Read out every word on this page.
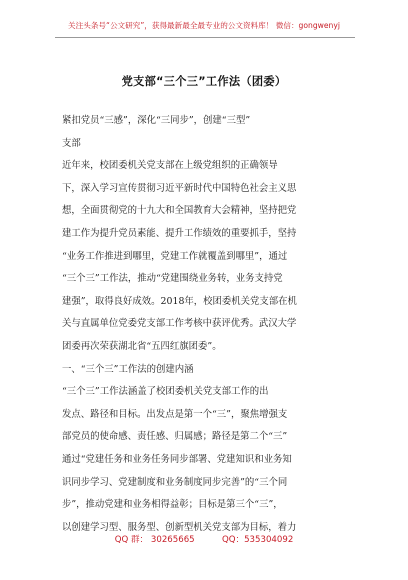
关注头条号“公文研究”，获得最新最全最专业的公文资料库！ 微信：gongwenyj
党支部“三个三”工作法（团委）

紧扣党员“三感”，深化“三同步”，创建“三型”

支部

近年来，校团委机关党支部在上级党组织的正确领导

下，深入学习宣传贯彻习近平新时代中国特色社会主义思

想，全面贯彻党的十九大和全国教育大会精神，坚持把党

建工作为提升党员素能、提升工作绩效的重要抓手，坚持

“业务工作推进到哪里，党建工作就覆盖到哪里”，通过

“三个三”工作法，推动“党建围绕业务转，业务支持党

建强”，取得良好成效。2018年，校团委机关党支部在机

关与直属单位党委党支部工作考核中获评优秀。武汉大学

团委再次荣获湖北省“五四红旗团委”。

一、“三个三”工作法的创建内涵

“三个三”工作法涵盖了校团委机关党支部工作的出

发点、路径和目标。出发点是第一个“三”，聚焦增强支

部党员的使命感、责任感、归属感；路径是第二个“三”

通过“党建任务和业务任务同步部署、党建知识和业务知

识同步学习、党建制度和业务制度同步完善”的“三个同

步”，推动党建和业务相得益彰；目标是第三个“三”，

以创建学习型、服务型、创新型机关党支部为目标，着力

QQ 群： 30265665	QQ：535304092
